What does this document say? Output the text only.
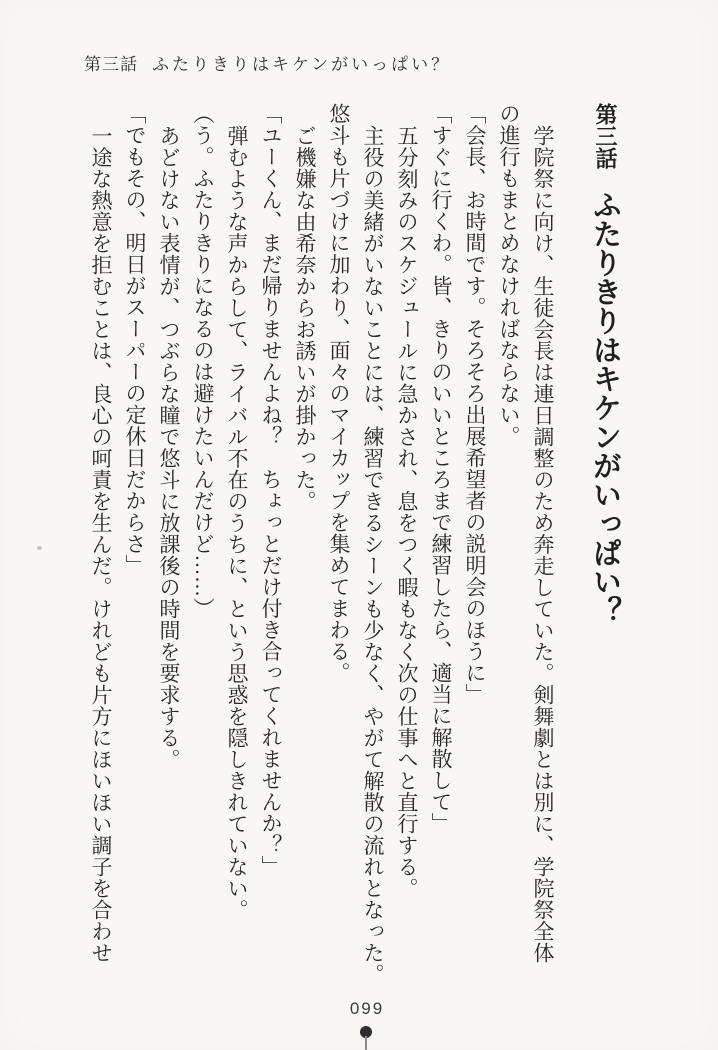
第三話 ふたりきりはキケンがいっぱい？
第三話ふたりきりはキケンがいっぱい？
学院祭に向け、生徒会長は連日調整のため奔走していた。剣舞劇とは別に、学院祭全体
の進行もまとめなければならない。
「会長、お時間です。そろそろ出展希望者の説明会のほうに」
「すぐに行くわ。皆、きりのいいところまで練習したら、適当に解散して」
五分刻みのスケジュールに急かされ、息をつく暇もなく次の仕事へと直行する。
主役の美緒がいないことには、練習できるシーンも少なく、やがて解散の流れとなった。
悠斗も片づけに加わり、面々のマイカップを集めてまわる。
ご機嫌な由希奈からお誘いが掛かった。
「ユーくん、まだ帰りませんよね？　ちょっとだけ付き合ってくれませんか？」
弾むような声からして、ライバル不在のうちに、という思惑を隠しきれていない。
（う。ふたりきりになるのは避けたいんだけど……）
あどけない表情が、つぶらな瞳で悠斗に放課後の時間を要求する。
「でもその、明日がスーパーの定休日だからさ」
一途な熱意を拒むことは、良心の呵責を生んだ。けれども片方にほいほい調子を合わせ
099
